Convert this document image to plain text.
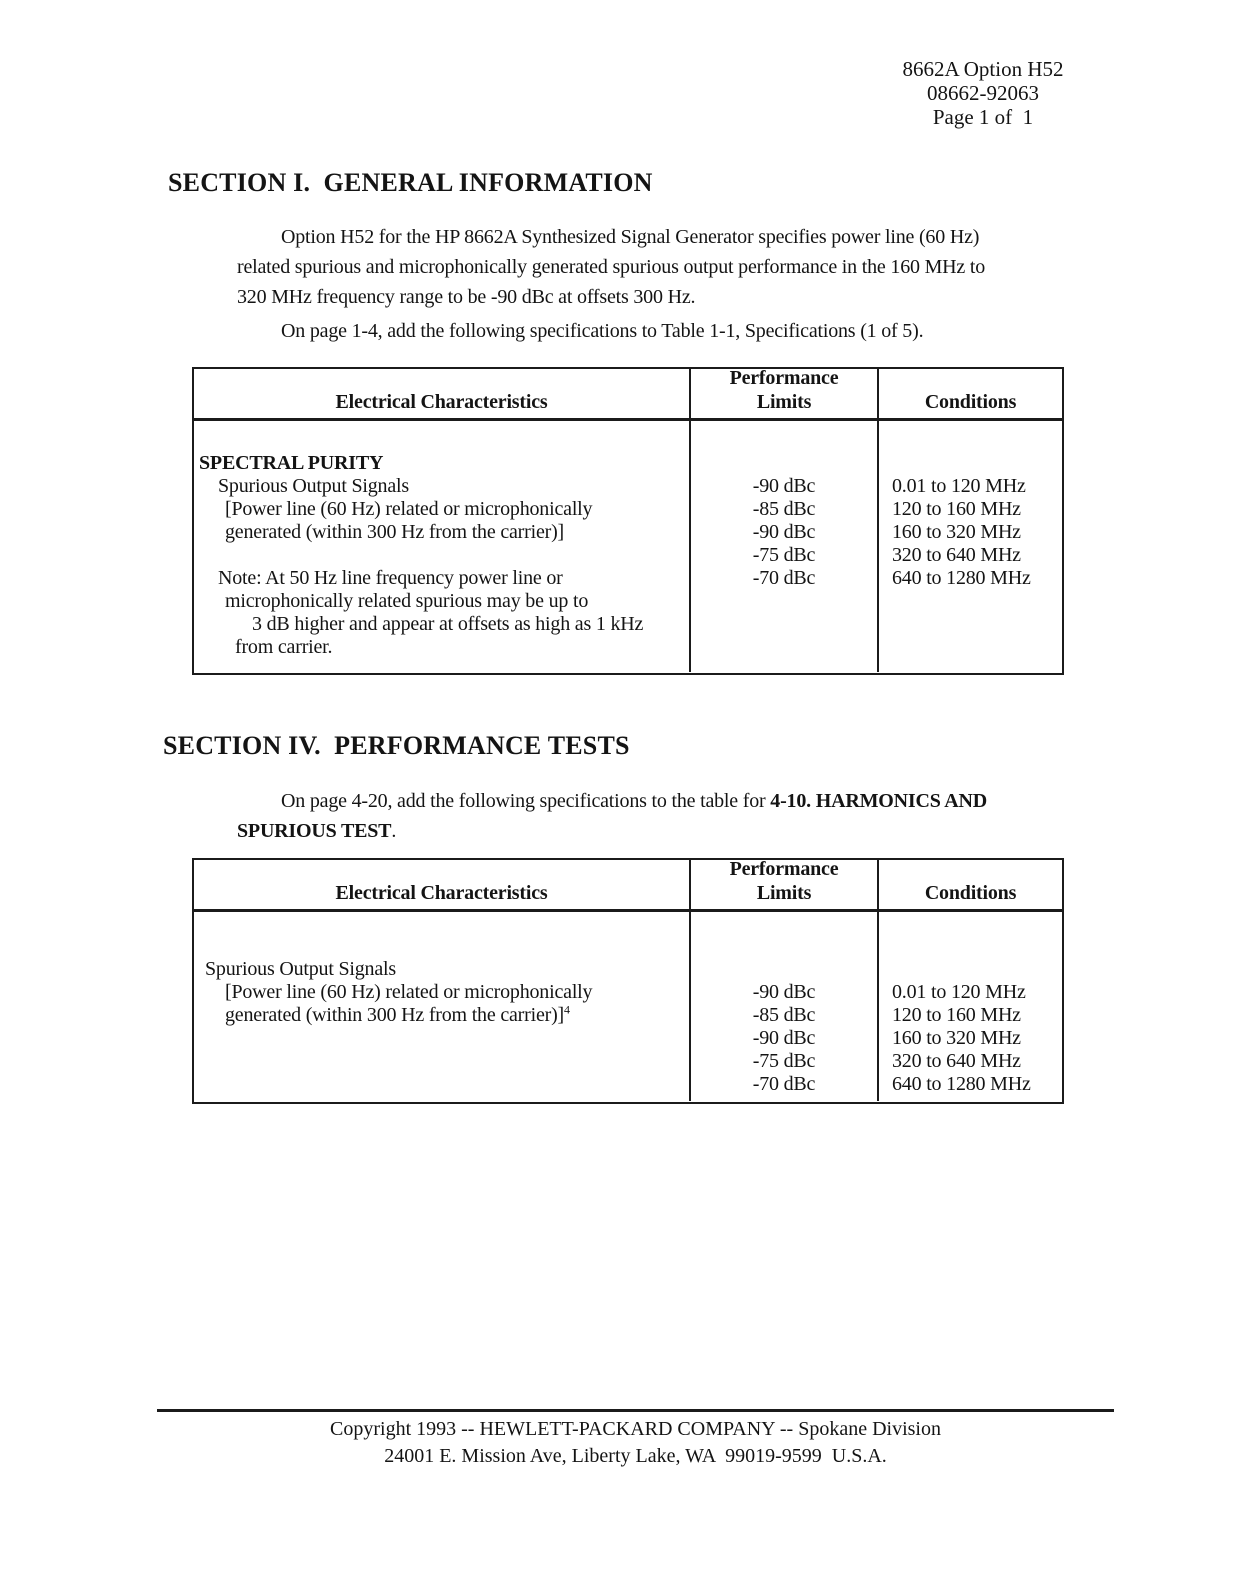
8662A Option H52
08662-92063
Page 1 of  1
SECTION I.  GENERAL INFORMATION
Option H52 for the HP 8662A Synthesized Signal Generator specifies power line (60 Hz)
related spurious and microphonically generated spurious output performance in the 160 MHz to
320 MHz frequency range to be -90 dBc at offsets 300 Hz.
On page 1-4, add the following specifications to Table 1-1, Specifications (1 of 5).
Electrical Characteristics
Performance
Limits	Conditions
SPECTRAL PURITY
Spurious Output Signals
[Power line (60 Hz) related or microphonically
generated (within 300 Hz from the carrier)]
Note: At 50 Hz line frequency power line or
microphonically related spurious may be up to
3 dB higher and appear at offsets as high as 1 kHz
from carrier.
-90 dBc
-85 dBc
-90 dBc
-75 dBc
-70 dBc
0.01 to 120 MHz
120 to 160 MHz
160 to 320 MHz
320 to 640 MHz
640 to 1280 MHz
SECTION IV.  PERFORMANCE TESTS
On page 4-20, add the following specifications to the table for 4-10. HARMONICS AND
SPURIOUS TEST.
Electrical Characteristics
Performance
Limits	Conditions
Spurious Output Signals
[Power line (60 Hz) related or microphonically
generated (within 300 Hz from the carrier)]$^4$
-90 dBc
-85 dBc
-90 dBc
-75 dBc
-70 dBc
0.01 to 120 MHz
120 to 160 MHz
160 to 320 MHz
320 to 640 MHz
640 to 1280 MHz
Copyright 1993 -- HEWLETT-PACKARD COMPANY -- Spokane Division
24001 E. Mission Ave, Liberty Lake, WA  99019-9599  U.S.A.
